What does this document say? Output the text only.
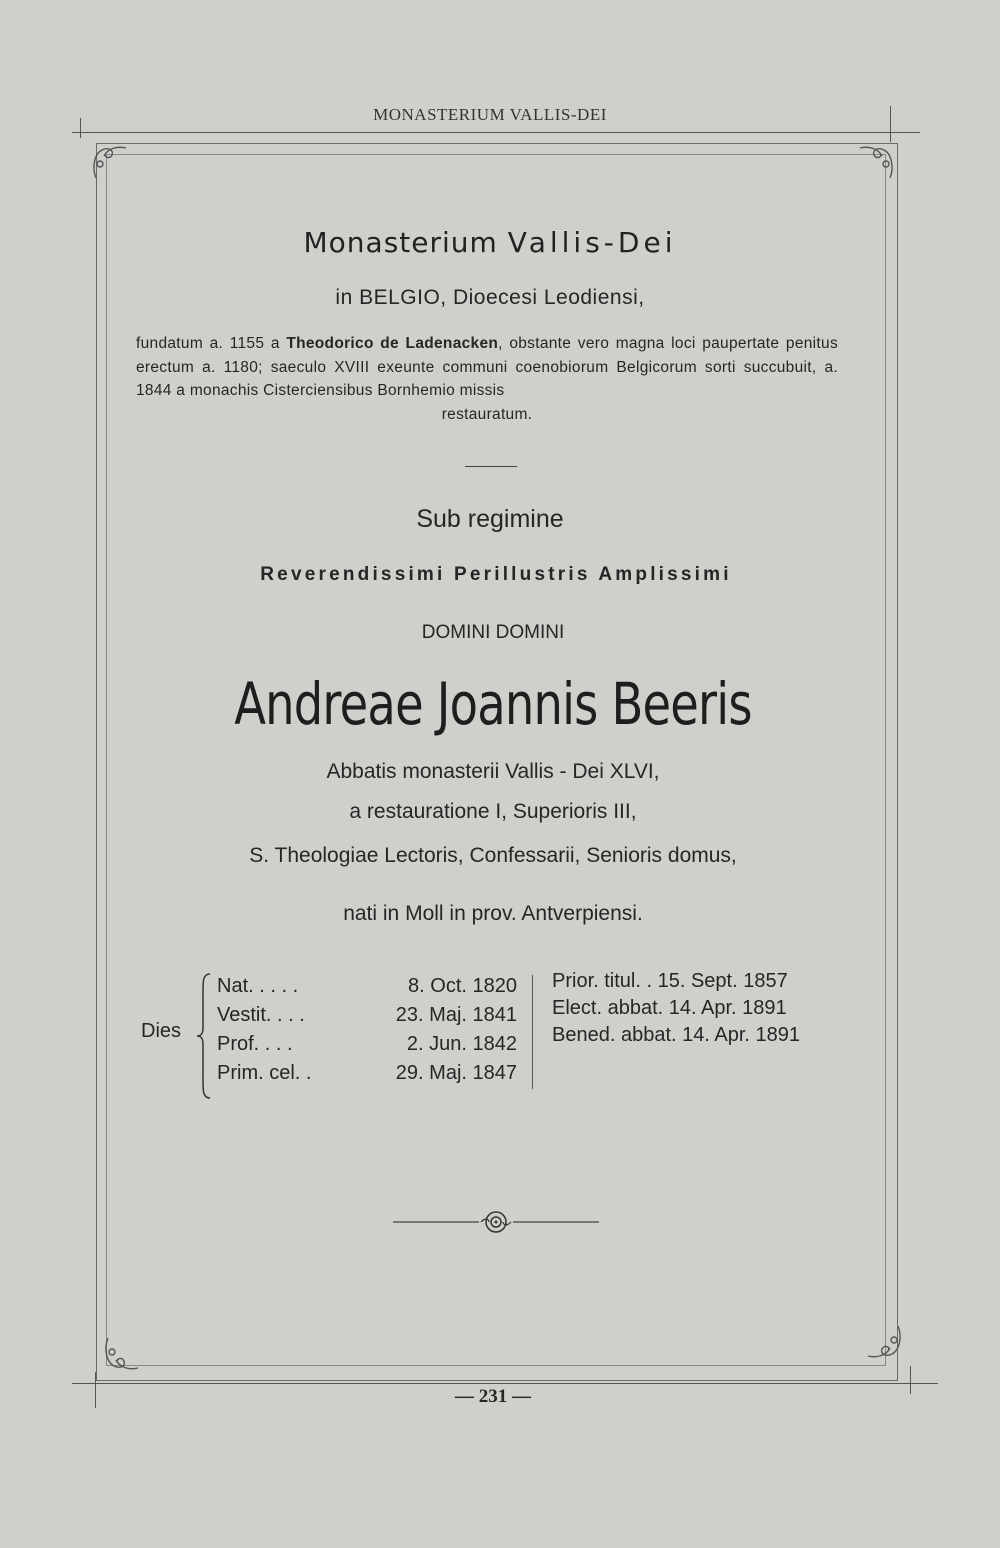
MONASTERIUM VALLIS-DEI
Monasterium Vallis-Dei
in BELGIO, Dioecesi Leodiensi,
fundatum a. 1155 a Theodorico de Ladenacken, obstante vero magna loci paupertate penitus erectum a. 1180; saeculo XVIII exeunte communi coenobiorum Belgicorum sorti succubuit, a. 1844 a monachis Cisterciensibus Bornhemio missis
restauratum.
Sub regimine
Reverendissimi Perillustris Amplissimi
DOMINI DOMINI
Andreae Joannis Beeris
Abbatis monasterii Vallis - Dei XLVI,
a restauratione I, Superioris III,
S. Theologiae Lectoris, Confessarii, Senioris domus,
nati in Moll in prov. Antverpiensi.
Dies
Nat. . . . .	8. Oct. 1820
Vestit. . . .	23. Maj. 1841
Prof. . . .	2. Jun. 1842
Prim. cel. .	29. Maj. 1847
Prior. titul. . 15. Sept. 1857
Elect. abbat. 14. Apr. 1891
Bened. abbat. 14. Apr. 1891
— 231 —
